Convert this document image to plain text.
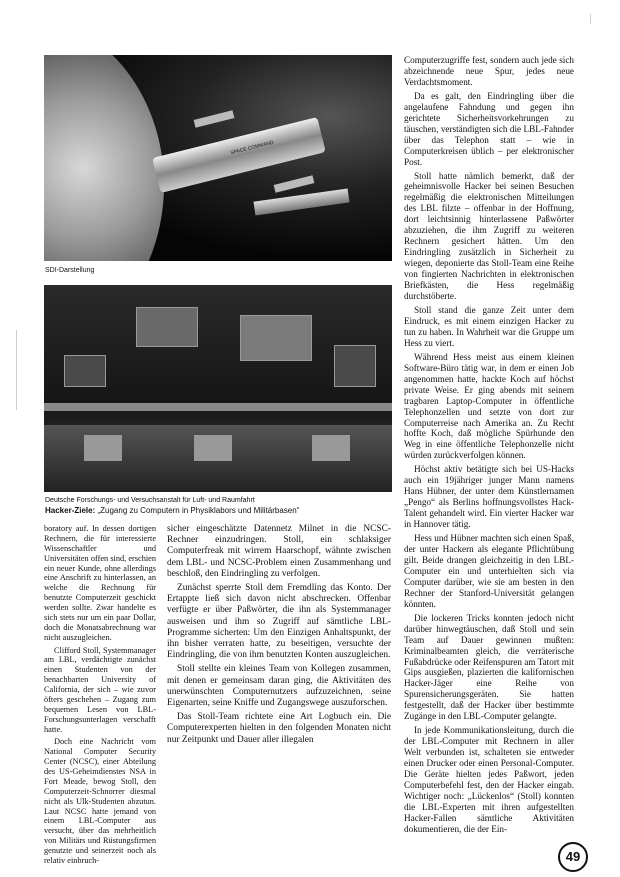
SPACE COMMAND
SDI-Darstellung
Deutsche Forschungs- und Versuchsanstalt für Luft- und Raumfahrt
Hacker-Ziele: „Zugang zu Computern in Physiklabors und Militärbasen“

boratory auf. In dessen dortigen Rechnern, die für interessierte Wissenschaftler und Universitäten offen sind, erschien ein neuer Kunde, ohne allerdings eine Anschrift zu hinterlassen, an welche die Rechnung für benutzte Computerzeit geschickt werden sollte. Zwar handelte es sich stets nur um ein paar Dollar, doch die Monatsabrechnung war nicht auszugleichen.

Clifford Stoll, Systemmanager am LBL, verdächtigte zunächst einen Studenten von der benachbarten University of California, der sich – wie zuvor öfters geschehen – Zugang zum bequemen Lesen von LBL-Forschungsunterlagen verschafft hatte.

Doch eine Nachricht vom National Computer Security Center (NCSC), einer Abteilung des US-Geheimdienstes NSA in Fort Meade, bewog Stoll, den Computerzeit-Schnorrer diesmal nicht als Ulk-Studenten abzutun. Laut NCSC hatte jemand von einem LBL-Computer aus versucht, über das mehrheitlich von Militärs und Rüstungsfirmen genutzte und seinerzeit noch als relativ einbruch-

sicher eingeschätzte Datennetz Milnet in die NCSC-Rechner einzudringen. Stoll, ein schlaksiger Computerfreak mit wirrem Haarschopf, wähnte zwischen dem LBL- und NCSC-Problem einen Zusammenhang und beschloß, den Eindringling zu verfolgen.

Zunächst sperrte Stoll dem Fremdling das Konto. Der Ertappte ließ sich davon nicht abschrecken. Offenbar verfügte er über Paßwörter, die ihn als Systemmanager ausweisen und ihm so Zugriff auf sämtliche LBL-Programme sicherten: Um den Einzigen Anhaltspunkt, der ihn bisher verraten hatte, zu beseitigen, versuchte der Eindringling, die von ihm benutzten Konten auszugleichen.

Stoll stellte ein kleines Team von Kollegen zusammen, mit denen er gemeinsam daran ging, die Aktivitäten des unerwünschten Computernutzers aufzuzeichnen, seine Eigenarten, seine Kniffe und Zugangswege auszuforschen.

Das Stoll-Team richtete eine Art Logbuch ein. Die Computerexperten hielten in den folgenden Monaten nicht nur Zeitpunkt und Dauer aller illegalen

Computerzugriffe fest, sondern auch jede sich abzeichnende neue Spur, jedes neue Verdachtsmoment.

Da es galt, den Eindringling über die angelaufene Fahndung und gegen ihn gerichtete Sicherheitsvorkehrungen zu täuschen, verständigten sich die LBL-Fahnder über das Telephon statt – wie in Computerkreisen üblich – per elektronischer Post.

Stoll hatte nämlich bemerkt, daß der geheimnisvolle Hacker bei seinen Besuchen regelmäßig die elektronischen Mitteilungen des LBL filzte – offenbar in der Hoffnung, dort leichtsinnig hinterlassene Paßwörter abzuziehen, die ihm Zugriff zu weiteren Rechnern gesichert hätten. Um den Eindringling zusätzlich in Sicherheit zu wiegen, deponierte das Stoll-Team eine Reihe von fingierten Nachrichten in elektronischen Briefkästen, die Hess regelmäßig durchstöberte.

Stoll stand die ganze Zeit unter dem Eindruck, es mit einem einzigen Hacker zu tun zu haben. In Wahrheit war die Gruppe um Hess zu viert.

Während Hess meist aus einem kleinen Software-Büro tätig war, in dem er einen Job angenommen hatte, hackte Koch auf höchst private Weise. Er ging abends mit seinem tragbaren Laptop-Computer in öffentliche Telephonzellen und setzte von dort zur Computerreise nach Amerika an. Zu Recht hoffte Koch, daß mögliche Spürhunde den Weg in eine öffentliche Telephonzelle nicht würden zurückverfolgen können.

Höchst aktiv betätigte sich bei US-Hacks auch ein 19jähriger junger Mann namens Hans Hübner, der unter dem Künstlernamen „Pengo“ als Berlins hoffnungsvollstes Hack-Talent gehandelt wird. Ein vierter Hacker war in Hannover tätig.

Hess und Hübner machten sich einen Spaß, der unter Hackern als elegante Pflichtübung gilt. Beide drangen gleichzeitig in den LBL-Computer ein und unterhielten sich via Computer darüber, wie sie am besten in den Rechner der Stanford-Universität gelangen könnten.

Die lockeren Tricks konnten jedoch nicht darüber hinwegtäuschen, daß Stoll und sein Team auf Dauer gewinnen mußten: Kriminalbeamten gleich, die verräterische Fußabdrücke oder Reifenspuren am Tatort mit Gips ausgießen, plazierten die kalifornischen Hacker-Jäger eine Reihe von Spurensicherungsgeräten. Sie hatten festgestellt, daß der Hacker über bestimmte Zugänge in den LBL-Computer gelangte.

In jede Kommunikationsleitung, durch die der LBL-Computer mit Rechnern in aller Welt verbunden ist, schalteten sie entweder einen Drucker oder einen Personal-Computer. Die Geräte hielten jedes Paßwort, jeden Computerbefehl fest, den der Hacker eingab. Wichtiger noch: „Lückenlos“ (Stoll) konnten die LBL-Experten mit ihren aufgestellten Hacker-Fallen sämtliche Aktivitäten dokumentieren, die der Ein-

49
